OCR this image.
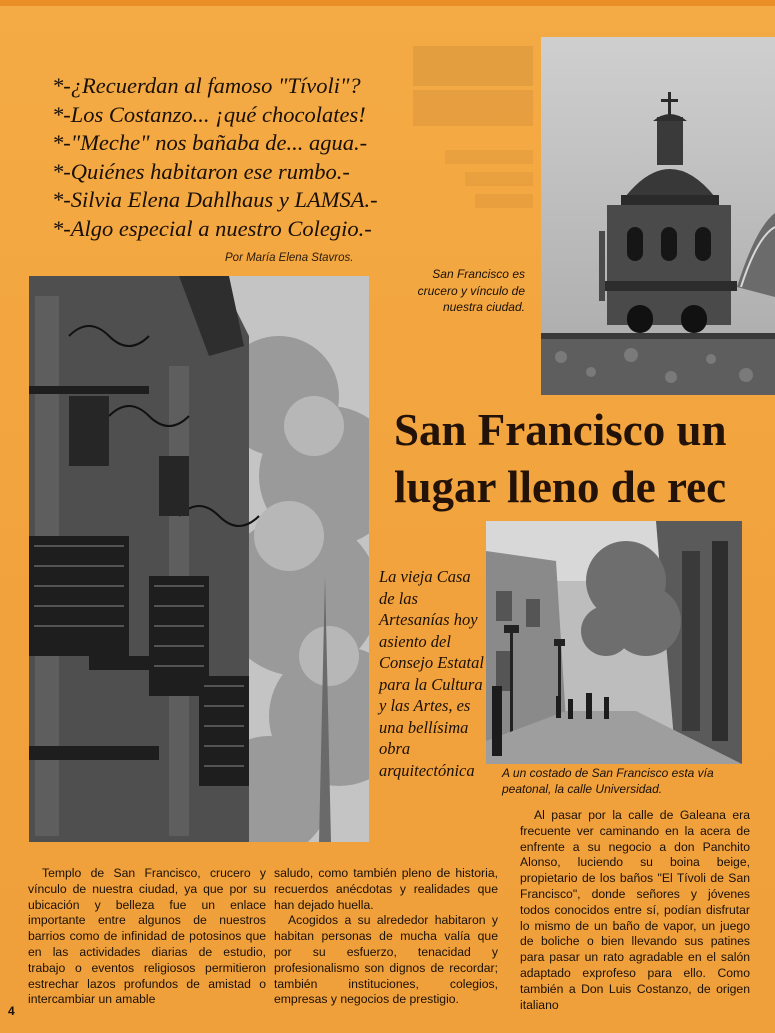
*-¿Recuerdan al famoso "Tívoli"?
*-Los Costanzo... ¡qué chocolates!
*-"Meche" nos bañaba de... agua.-
*-Quiénes habitaron ese rumbo.-
*-Silvia Elena Dahlhaus y LAMSA.-
*-Algo especial a nuestro Colegio.-
Por María Elena Stavros.
San Francisco es crucero y vínculo de nuestra ciudad.
San Francisco un
lugar lleno de rec
La vieja Casa de las Artesanías hoy asiento del Consejo Estatal para la Cultura y las Artes, es una bellísima obra arquitectónica	A un costado de San Francisco esta vía peatonal, la calle Universidad.

Templo de San Francisco, crucero y vínculo de nuestra ciudad, ya que por su ubicación y belleza fue un enlace importante entre algunos de nuestros barrios como de infinidad de potosinos que en las actividades diarias de estudio, trabajo o eventos religiosos permitieron estrechar lazos profundos de amistad o intercambiar un amable

saludo, como también pleno de historia, recuerdos anécdotas y realidades que han dejado huella.

Acogidos a su alrededor habitaron y habitan personas de mucha valía que por su esfuerzo, tenacidad y profesionalismo son dignos de recordar; también instituciones, colegios, empresas y negocios de prestigio.

Al pasar por la calle de Galeana era frecuente ver caminando en la acera de enfrente a su negocio a don Panchito Alonso, luciendo su boina beige, propietario de los baños "El Tívoli de San Francisco", donde señores y jóvenes todos conocidos entre sí, podían disfrutar lo mismo de un baño de vapor, un juego de boliche o bien llevando sus patines para pasar un rato agradable en el salón adaptado exprofeso para ello. Como también a Don Luis Costanzo, de origen italiano

4
